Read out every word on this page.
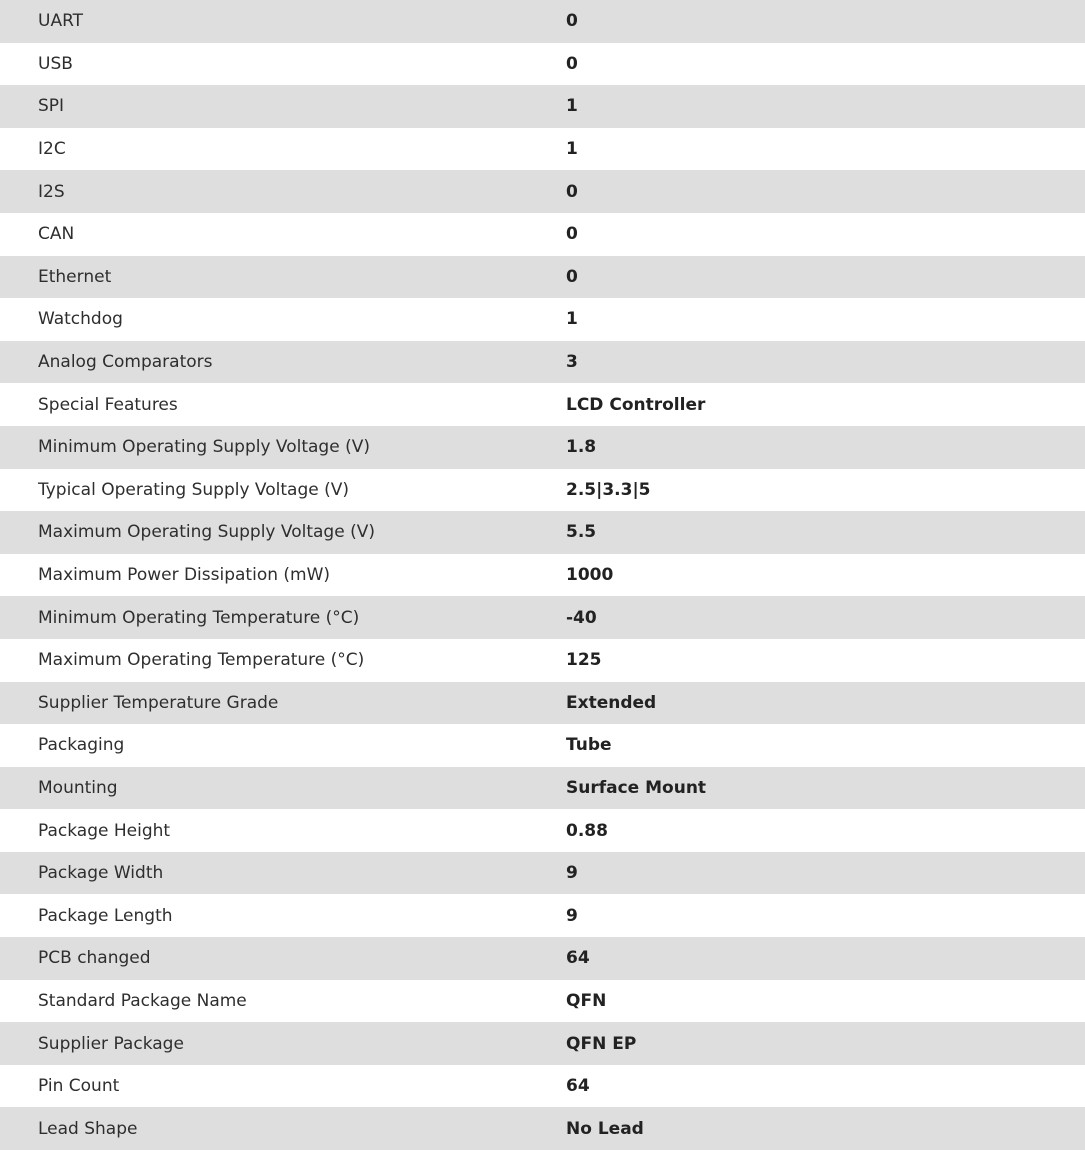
UART	0
USB	0
SPI	1
I2C	1
I2S	0
CAN	0
Ethernet	0
Watchdog	1
Analog Comparators	3
Special Features	LCD Controller
Minimum Operating Supply Voltage (V)	1.8
Typical Operating Supply Voltage (V)	2.5|3.3|5
Maximum Operating Supply Voltage (V)	5.5
Maximum Power Dissipation (mW)	1000
Minimum Operating Temperature (°C)	-40
Maximum Operating Temperature (°C)	125
Supplier Temperature Grade	Extended
Packaging	Tube
Mounting	Surface Mount
Package Height	0.88
Package Width	9
Package Length	9
PCB changed	64
Standard Package Name	QFN
Supplier Package	QFN EP
Pin Count	64
Lead Shape	No Lead
